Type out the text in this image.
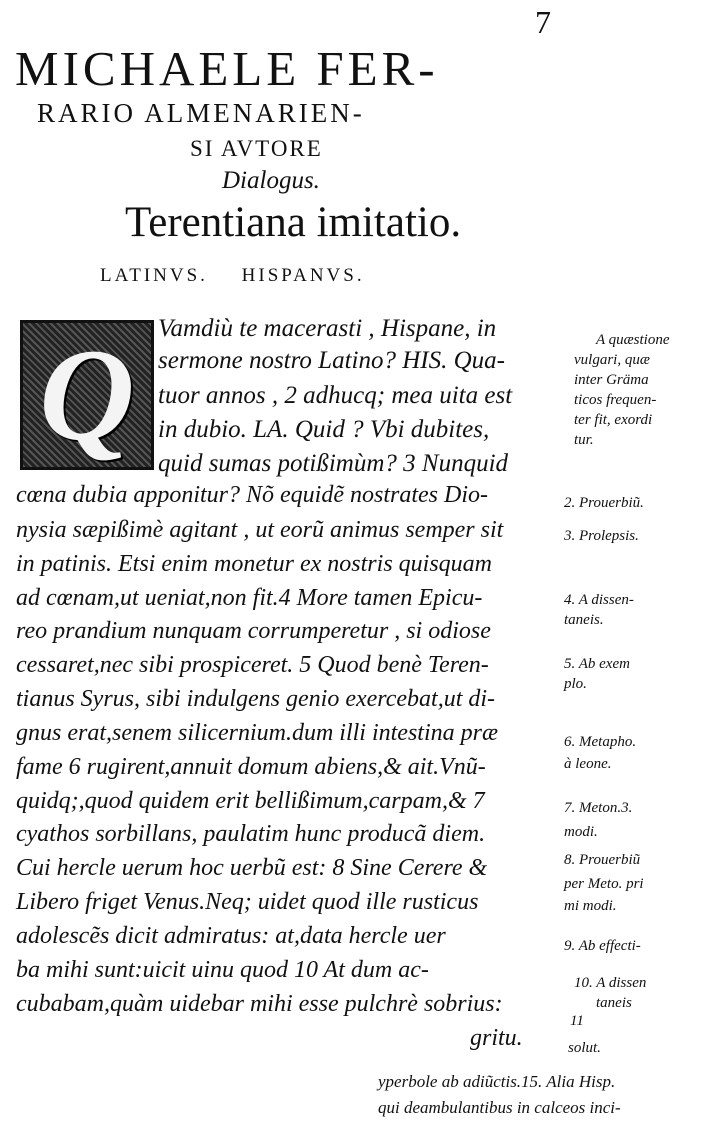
7
MICHAELE FER-
RARIO ALMENARIEN-
SI AVTORE
Dialogus.
Terentiana imitatio.
LATINVS. HISPANVS.
Q Vamdiù te macerasti , Hispane, in
sermone nostro Latino? HIS. Qua-
tuor annos , 2 adhucq; mea uita est
in dubio. LA. Quid ? Vbi dubites,
quid sumas potißimùm? 3 Nunquid
cœna dubia apponitur? Nõ equidẽ nostrates Dio-
nysia sæpißimè agitant , ut eorũ animus semper sit
in patinis. Etsi enim monetur ex nostris quisquam
ad cœnam,ut ueniat,non fit.4 More tamen Epicu-
reo prandium nunquam corrumperetur , si odiose
cessaret,nec sibi prospiceret. 5 Quod benè Teren-
tianus Syrus, sibi indulgens genio exercebat,ut di-
gnus erat,senem silicernium.dum illi intestina præ
fame 6 rugirent,annuit domum abiens,& ait.Vnũ-
quidq;,quod quidem erit bellißimum,carpam,& 7
cyathos sorbillans, paulatim hunc producã diem.
Cui hercle uerum hoc uerbũ est: 8 Sine Cerere &
Libero friget Venus.Neq; uidet quod ille rusticus
adolescẽs dicit admiratus: at,data hercle uer
ba mihi sunt:uicit uinu quod 10 At dum ac-
cubabam,quàm uidebar mihi esse pulchrè sobrius:
gritu.
A quæstione
vulgari, quæ
inter Gräma
ticos frequen-
ter fit, exordi
tur.
2. Prouerbiũ.
3. Prolepsis.
4. A dissen-
taneis.
5. Ab exem
plo.
6. Metapho.
à leone.
7. Meton.3.
modi.
8. Prouerbiũ
per Meto. pri
mi modi.
9. Ab effecti-
10. A dissen
taneis
solut.
11
yperbole ab adiũctis.15. Alia Hisp.
qui deambulantibus in calceos inci-
